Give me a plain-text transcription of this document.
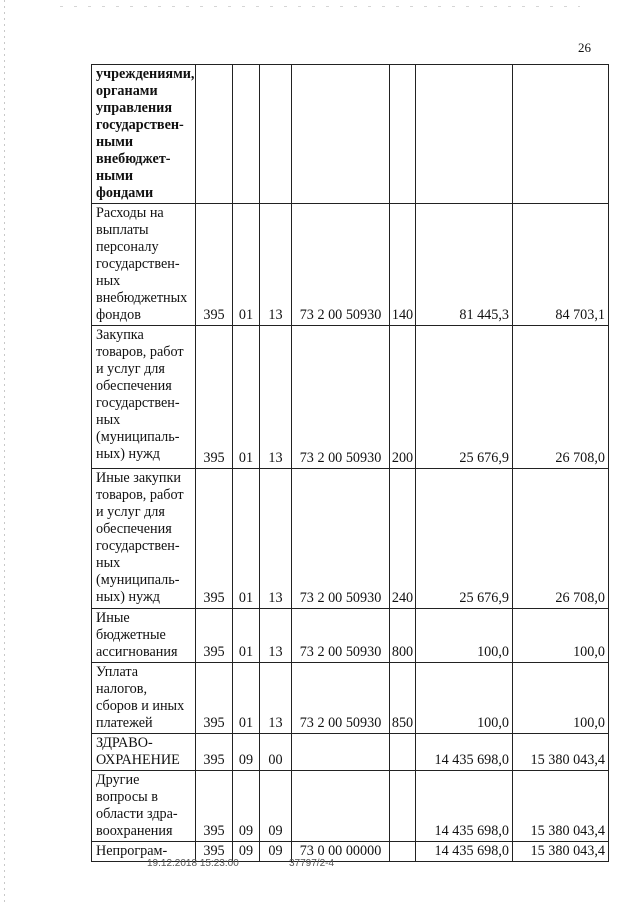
26
учреждениями, органами управления государствен-ными внебюджет-ными фондами							

Расходы на выплаты персоналу государствен-ных внебюджетных фондов	395	01	13	73 2 00 50930	140	81 445,3	84 703,1

Закупка товаров, работ и услуг для обеспечения государствен-ных (муниципаль-ных) нужд	395	01	13	73 2 00 50930	200	25 676,9	26 708,0

Иные закупки товаров, работ и услуг для обеспечения государствен-ных (муниципаль-ных) нужд	395	01	13	73 2 00 50930	240	25 676,9	26 708,0

Иные бюджетные ассигнования	395	01	13	73 2 00 50930	800	100,0	100,0

Уплата налогов, сборов и иных платежей	395	01	13	73 2 00 50930	850	100,0	100,0

ЗДРАВО-ОХРАНЕНИЕ	395	09	00			14 435 698,0	15 380 043,4

Другие вопросы в области здра-воохранения	395	09	09			14 435 698,0	15 380 043,4

Непрограм-	395	09	09	73 0 00 00000		14 435 698,0	15 380 043,4
19.12.2018 15:23:00	37797/2-4
